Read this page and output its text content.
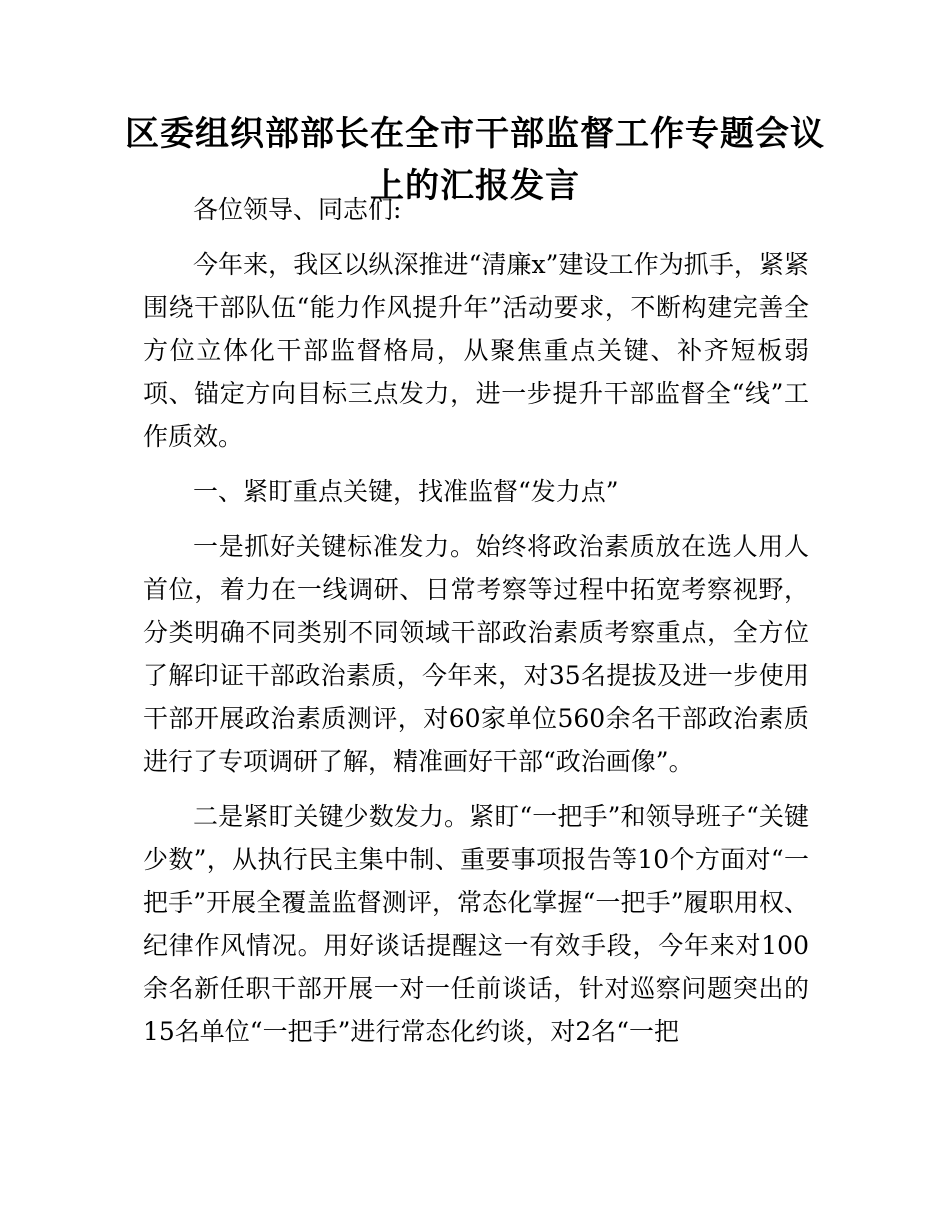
区委组织部部长在全市干部监督工作专题会议
上的汇报发言

各位领导、同志们:

今年来，我区以纵深推进“清廉x”建设工作为抓手，紧紧围绕干部队伍“能力作风提升年”活动要求，不断构建完善全方位立体化干部监督格局，从聚焦重点关键、补齐短板弱项、锚定方向目标三点发力，进一步提升干部监督全“线”工作质效。

一、紧盯重点关键，找准监督“发力点”

一是抓好关键标准发力。始终将政治素质放在选人用人首位，着力在一线调研、日常考察等过程中拓宽考察视野，分类明确不同类别不同领域干部政治素质考察重点，全方位了解印证干部政治素质，今年来，对35名提拔及进一步使用干部开展政治素质测评，对60家单位560余名干部政治素质进行了专项调研了解，精准画好干部“政治画像”。

二是紧盯关键少数发力。紧盯“一把手”和领导班子“关键少数”，从执行民主集中制、重要事项报告等10个方面对“一把手”开展全覆盖监督测评，常态化掌握“一把手”履职用权、纪律作风情况。用好谈话提醒这一有效手段，今年来对100余名新任职干部开展一对一任前谈话，针对巡察问题突出的15名单位“一把手”进行常态化约谈，对2名“一把
